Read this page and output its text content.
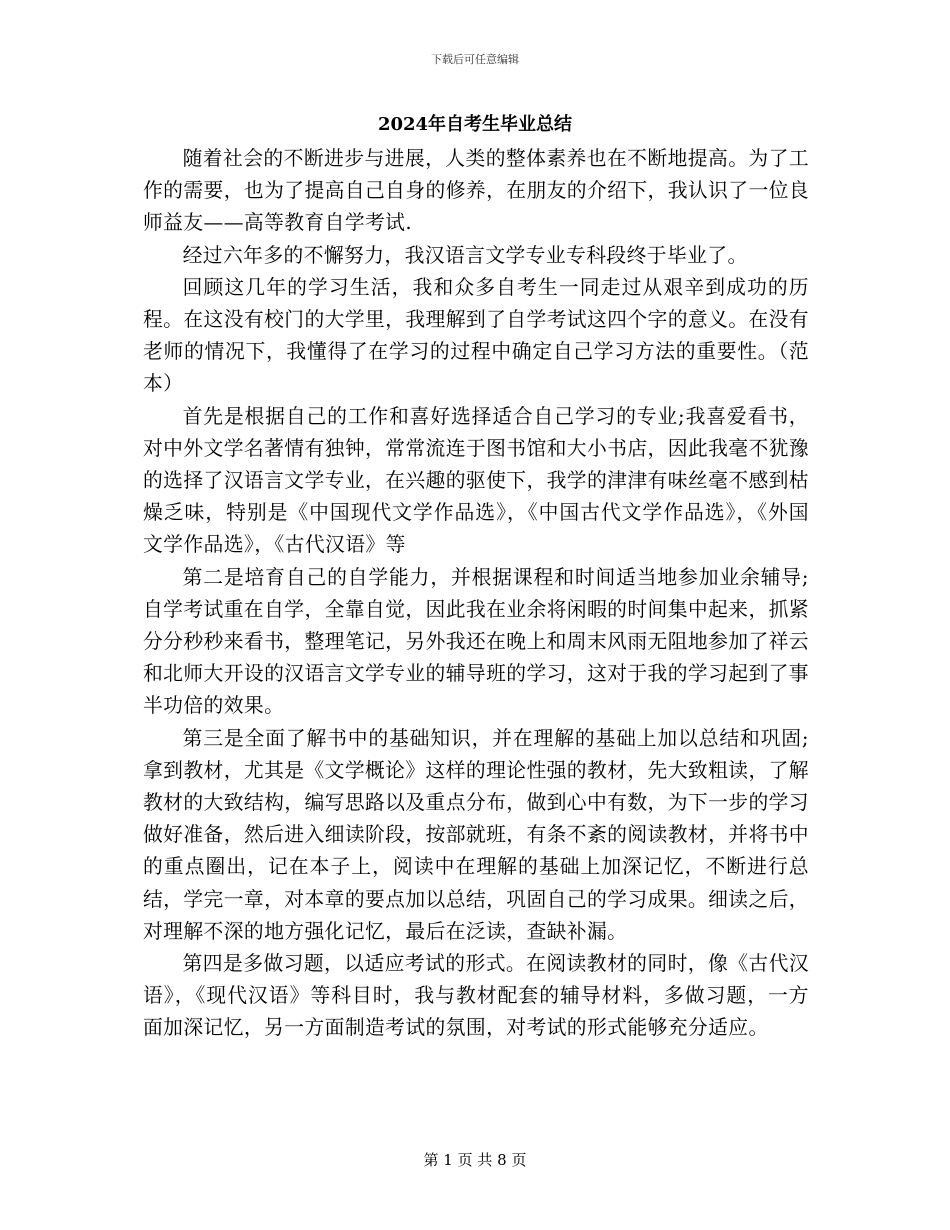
下载后可任意编辑
2024年自考生毕业总结

随着社会的不断进步与进展，人类的整体素养也在不断地提高。为了工作的需要，也为了提高自己自身的修养，在朋友的介绍下，我认识了一位良师益友——高等教育自学考试.

经过六年多的不懈努力，我汉语言文学专业专科段终于毕业了。

回顾这几年的学习生活，我和众多自考生一同走过从艰辛到成功的历程。在这没有校门的大学里，我理解到了自学考试这四个字的意义。在没有老师的情况下，我懂得了在学习的过程中确定自己学习方法的重要性。（范本）

首先是根据自己的工作和喜好选择适合自己学习的专业;我喜爱看书，对中外文学名著情有独钟，常常流连于图书馆和大小书店，因此我毫不犹豫的选择了汉语言文学专业，在兴趣的驱使下，我学的津津有味丝毫不感到枯燥乏味，特别是《中国现代文学作品选》，《中国古代文学作品选》，《外国文学作品选》，《古代汉语》等

第二是培育自己的自学能力，并根据课程和时间适当地参加业余辅导;自学考试重在自学，全靠自觉，因此我在业余将闲暇的时间集中起来，抓紧分分秒秒来看书，整理笔记，另外我还在晚上和周末风雨无阻地参加了祥云和北师大开设的汉语言文学专业的辅导班的学习，这对于我的学习起到了事半功倍的效果。

第三是全面了解书中的基础知识，并在理解的基础上加以总结和巩固;拿到教材，尤其是《文学概论》这样的理论性强的教材，先大致粗读，了解教材的大致结构，编写思路以及重点分布，做到心中有数，为下一步的学习做好准备，然后进入细读阶段，按部就班，有条不紊的阅读教材，并将书中的重点圈出，记在本子上，阅读中在理解的基础上加深记忆，不断进行总结，学完一章，对本章的要点加以总结，巩固自己的学习成果。细读之后，对理解不深的地方强化记忆，最后在泛读，查缺补漏。

第四是多做习题，以适应考试的形式。在阅读教材的同时，像《古代汉语》，《现代汉语》等科目时，我与教材配套的辅导材料，多做习题，一方面加深记忆，另一方面制造考试的氛围，对考试的形式能够充分适应。

第 1 页 共 8 页
